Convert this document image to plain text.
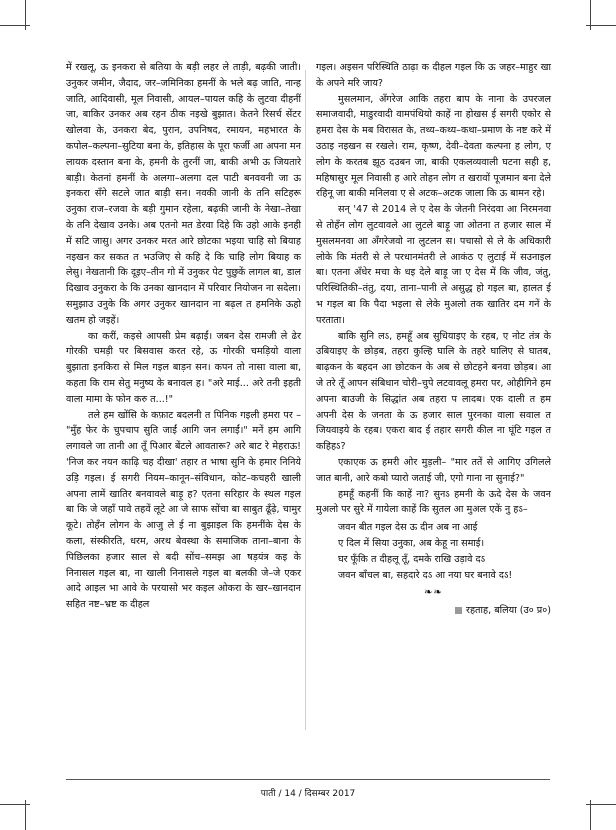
में रखलू, ऊ इनकरा से बतिया के बड़ी लहर ले ताड़ी, बढ़की जाती। उनुकर जमीन, जैदाद, जर–जमिनिका हमनीं के भले बढ़ जाति, नान्ह जाति, आदिवासी, मूल निवासी, आयल–पायल कहि के लुटवा दीहनीं जा, बाकिर उनकर अब रहन ठीक नइखे बुझात। केतने रिसर्च सेंटर खोलवा के, उनकरा बेद, पुरान, उपनिषद, रमायन, महभारत के कपोल–कल्पना–सुटिया बना के, इतिहास के पूरा फर्जी आ अपना मन लायक दस्तान बना के, हमनी के तुरनीं जा, बाकी अभी ऊ जियतारे बाड़ी। केतनां हमनीं के अलगा–अलगा दल पाटी बनववनी जा ऊ इनकरा सँगे सटले जात बाड़ी सन। नवकी जानी के तनि सटिहरू उनुका राज–रजवा के बड़ी गुमान रहेला, बढ़की जानी के नेखा–तेखा के तनि देखाव उनके। अब एतनो मत डेरवा दिहे कि उहो आके इनही में सटि जासु। अगर उनकर मरत आरे छोटका भइया चाहि सो बियाह नइखन कर सकत त भउजिए से कहि दे कि चाहि लोग बियाह क लेसु। नेखतानी कि दूइए–तीन गो में उनुकर पेट पुछुकें लागल बा, डाल दिखाव उनुकरा के कि उनका खानदान में परिवार नियोजन ना सदेला। समुझाउ उनुके कि अगर उनुकर खानदान ना बढ़ल त हमनिके ऊहो खतम हो जइहें।

का करीं, कइसे आपसी प्रेम बढ़ाईं। जबन देस रामजी ले ढेर गोरकी चमड़ी पर बिसवास करत रहे, ऊ गोरकी चमड़ियो वाला बुझाता इनकिरा से मिल गइल बाड़न सन। कपन तो नासा वाला बा, कहता कि राम सेतु मनुष्य के बनावल ह। "अरे माई... अरे तनी इहती वाला मामा के फोन करु त...!"

तले हम खोंसि के कफ़ाट बदलनी त पिनिक गइली हमरा पर – "मुँह फेर के चुपचाप सुति जाईं आगि जन लगाईं।" मनें हम आगि लगावले जा तानी आ तूँ पिआर बेंटले आवतारू? अरे बाट रे मेहराऊ! 'निज कर नयन काढ़ि चह दीखा' तहार त भाषा सुनि के हमार निनिये उड़ि गइल। ई सगरी नियम–कानून–संविधान, कोट–कचहरी खाली अपना लामें खातिर बनवावले बाड़ू ह? एतना सरिहार के स्थल गइल बा कि जे जहाँ पावे तहवें लूटे आ जे साफ सोंचा बा साबुत ढूँढ़े, चामुर कूटे। तोहँन लोगन के आजु ले ई ना बुझाइल कि हमनींके देस के कला, संस्कीरति, धरम, अरथ बेवस्था के समाजिक ताना–बाना के पिछिलका हजार साल से बदी सोंच–समझ आ षड़यंत्र कइ के निनासल गइल बा, ना खाली निनासले गइल बा बलकी जे–जे एकर आदे आइल भा आवे के परयासो भर कइल ओकरा के खर–खानदान सहित नष्ट–भ्रष्ट क दीहल

गइल। अइसन परिस्थिति ठाढ़ा क दीहल गइल कि ऊ जहर–माहुर खा के अपने मरि जाय?

मुसलमान, अँगरेज आकि तहरा बाप के नाना के उपरजल समाजवादी, माडुरवादी वामपंथियो काहें ना होखस ई सगरी एकोर से हमरा देस के मब विरासत के, तथ्य–कथ्य–कथा–प्रमाण के नष्ट करे में उठाइ नइखन स रखले। राम, कृष्ण, देवी–देवता कल्पना ह लोग, ए लोग के करतब झूठ दउबन जा, बाकी एकलव्यवाली घटना सही ह, महिषासुर मूल निवासी ह आरे तोहन लोग त खरावों पूजमान बना देले रहिनू जा बाकी मनिलवा ए से अटक–अटक जाला कि ऊ बामन रहे।

सन् '47 से 2014 ले ए देस के जेतनी निरंदवा आ निरमनवा से तोहँन लोग लुटवावले आ लुटले बाड़ू जा ओतना त हजार साल में मुसलमनवा आ अँगरेजवो ना लुटलन स। पचासो से ले के अधिकारी लोके कि मंतरी से ले परधानमंतरी ले आकंठ ए लुटाई में सउनाइल बा। एतना अँधेर मचा के धइ देले बाड़ू जा ए देस में कि जीव, जंतु, परिस्थितिकी–तंतु, दया, ताना–पानी ले असुद्ध हो गइल बा, हालत ई भ गइल बा कि पैदा भइला से लेके मुअलो तक खातिर दम गनें के परताता।

बाकि सुनि लऽ, हमहूँ अब सुधियाइए के रहब, ए नोट तंत्र के उबियाइए के छोड़ब, तहरा कुल्हि घालि के तहरे घालिए से घातब, बाढ़कन के बहदन आ छोटकन के अब से छोटहने बनवा छोड़ब। आ जे तरे तूँ आपन संबिधान चोरी–चुपे लटवावलू हमरा पर, ओहीगिने हम अपना बाउजी के सिद्धांत अब तहरा प लादब। एक दाली त हम अपनी देस के जनता के ऊ हजार साल पुरनका वाला सवाल त जियवाइये के रहब। एकरा बाद ई तहार सगरी कील ना घूंटि गइल त कहिहऽ?

एकाएक ऊ हमरी ओर मुड़ली– "मार ततें से आगिए उगिलले जात बानी, आरे कबो प्यारो जताई जी, एगो गाना ना सुनाई?"

हमहूँ कहनीं कि काहें ना? सुनऽ हमनी के ऊदे देस के जवन मुअलो पर सुरे में गायेला काहें कि सुतल आ मुअल एकें नु हऽ–

जवन बीत गइल देस ऊ दीन अब ना आई
ए दिल में सिया उनुका, अब केहू ना समाई।
घर फूँकि त दीहलू तूँ, दमके राखि उड़ावे दऽ
जवन बाँचल बा, सहदारे दऽ आ नया घर बनावे दऽ!
❧❧
रहताह, बलिया (उ० प्र०)
पाती / 14 / दिसम्बर 2017
